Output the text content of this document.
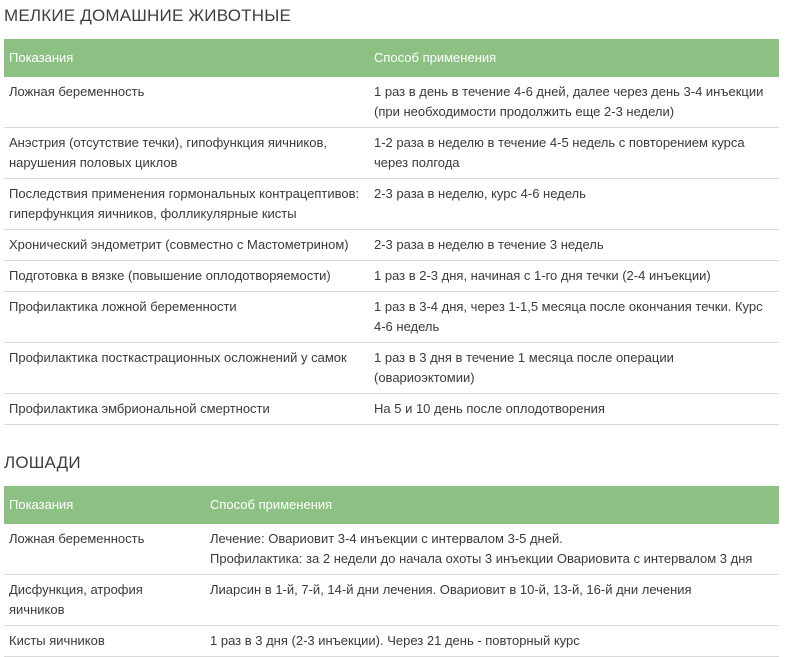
МЕЛКИЕ ДОМАШНИЕ ЖИВОТНЫЕ
Показания	Способ применения
Ложная беременность	1 раз в день в течение 4-6 дней, далее через день 3-4 инъекции
(при необходимости продолжить еще 2-3 недели)
Анэстрия (отсутствие течки), гипофункция яичников,
нарушения половых циклов	1-2 раза в неделю в течение 4-5 недель с повторением курса
через полгода
Последствия применения гормональных контрацептивов:
гиперфункция яичников, фолликулярные кисты	2-3 раза в неделю, курс 4-6 недель
Хронический эндометрит (совместно с Мастометрином)	2-3 раза в неделю в течение 3 недель
Подготовка в вязке (повышение оплодотворяемости)	1 раз в 2-3 дня, начиная с 1-го дня течки (2-4 инъекции)
Профилактика ложной беременности	1 раз в 3-4 дня, через 1-1,5 месяца после окончания течки. Курс
4-6 недель
Профилактика посткастрационных осложнений у самок	1 раз в 3 дня в течение 1 месяца после операции
(овариоэктомии)
Профилактика эмбриональной смертности	На 5 и 10 день после оплодотворения
ЛОШАДИ
Показания	Способ применения
Ложная беременность	Лечение: Овариовит 3-4 инъекции с интервалом 3-5 дней.
Профилактика: за 2 недели до начала охоты 3 инъекции Овариовита с интервалом 3 дня
Дисфункция, атрофия яичников	Лиарсин в 1-й, 7-й, 14-й дни лечения. Овариовит в 10-й, 13-й, 16-й дни лечения
Кисты яичников	1 раз в 3 дня (2-3 инъекции). Через 21 день - повторный курс
